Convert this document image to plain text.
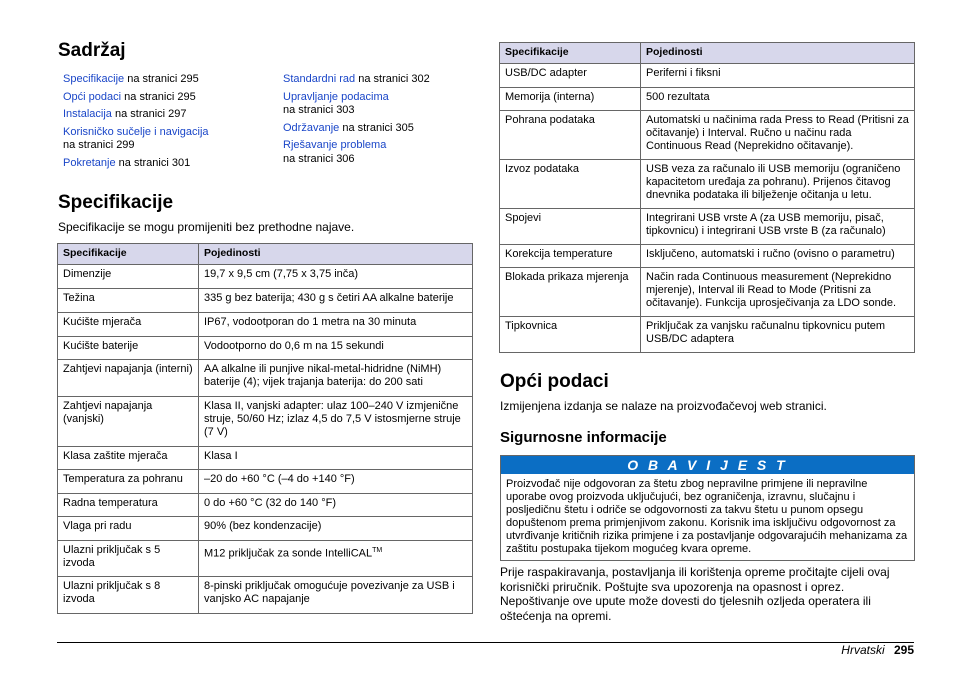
Sadržaj
Specifikacije na stranici 295
Opći podaci na stranici 295
Instalacija na stranici 297
Korisničko sučelje i navigacija
na stranici 299
Pokretanje na stranici 301
Standardni rad na stranici 302
Upravljanje podacima
na stranici 303
Održavanje na stranici 305
Rješavanje problema
na stranici 306
Specifikacije
Specifikacije se mogu promijeniti bez prethodne najave.
Specifikacije	Pojedinosti
Dimenzije	19,7 x 9,5 cm (7,75 x 3,75 inča)
Težina	335 g bez baterija; 430 g s četiri AA alkalne baterije
Kućište mjerača	IP67, vodootporan do 1 metra na 30 minuta
Kućište baterije	Vodootporno do 0,6 m na 15 sekundi
Zahtjevi napajanja (interni)	AA alkalne ili punjive nikal-metal-hidridne (NiMH) baterije (4); vijek trajanja baterija: do 200 sati
Zahtjevi napajanja (vanjski)	Klasa II, vanjski adapter: ulaz 100–240 V izmjenične struje, 50/60 Hz; izlaz 4,5 do 7,5 V istosmjerne struje (7 V)
Klasa zaštite mjerača	Klasa I
Temperatura za pohranu	–20 do +60 °C (–4 do +140 °F)
Radna temperatura	0 do +60 °C (32 do 140 °F)
Vlaga pri radu	90% (bez kondenzacije)
Ulazni priključak s 5 izvoda	M12 priključak za sonde IntelliCAL™
Ulazni priključak s 8 izvoda	8-pinski priključak omogućuje povezivanje za USB i vanjsko AC napajanje
Specifikacije	Pojedinosti
USB/DC adapter	Periferni i fiksni
Memorija (interna)	500 rezultata
Pohrana podataka	Automatski u načinima rada Press to Read (Pritisni za očitavanje) i Interval. Ručno u načinu rada Continuous Read (Neprekidno očitavanje).
Izvoz podataka	USB veza za računalo ili USB memoriju (ograničeno kapacitetom uređaja za pohranu). Prijenos čitavog dnevnika podataka ili bilježenje očitanja u letu.
Spojevi	Integrirani USB vrste A (za USB memoriju, pisač, tipkovnicu) i integrirani USB vrste B (za računalo)
Korekcija temperature	Isključeno, automatski i ručno (ovisno o parametru)
Blokada prikaza mjerenja	Način rada Continuous measurement (Neprekidno mjerenje), Interval ili Read to Mode (Pritisni za očitavanje). Funkcija uprosječivanja za LDO sonde.
Tipkovnica	Priključak za vanjsku računalnu tipkovnicu putem USB/DC adaptera
Opći podaci
Izmijenjena izdanja se nalaze na proizvođačevoj web stranici.
Sigurnosne informacije
O B A V I J E S T
Proizvođač nije odgovoran za štetu zbog nepravilne primjene ili nepravilne uporabe ovog proizvoda uključujući, bez ograničenja, izravnu, slučajnu i posljedičnu štetu i odriče se odgovornosti za takvu štetu u punom opsegu dopuštenom prema primjenjivom zakonu. Korisnik ima isključivu odgovornost za utvrđivanje kritičnih rizika primjene i za postavljanje odgovarajućih mehanizama za zaštitu postupaka tijekom mogućeg kvara opreme.
Prije raspakiravanja, postavljanja ili korištenja opreme pročitajte cijeli ovaj korisnički priručnik. Poštujte sva upozorenja na opasnost i oprez. Nepoštivanje ove upute može dovesti do tjelesnih ozljeda operatera ili oštećenja na opremi.
Hrvatski 295
